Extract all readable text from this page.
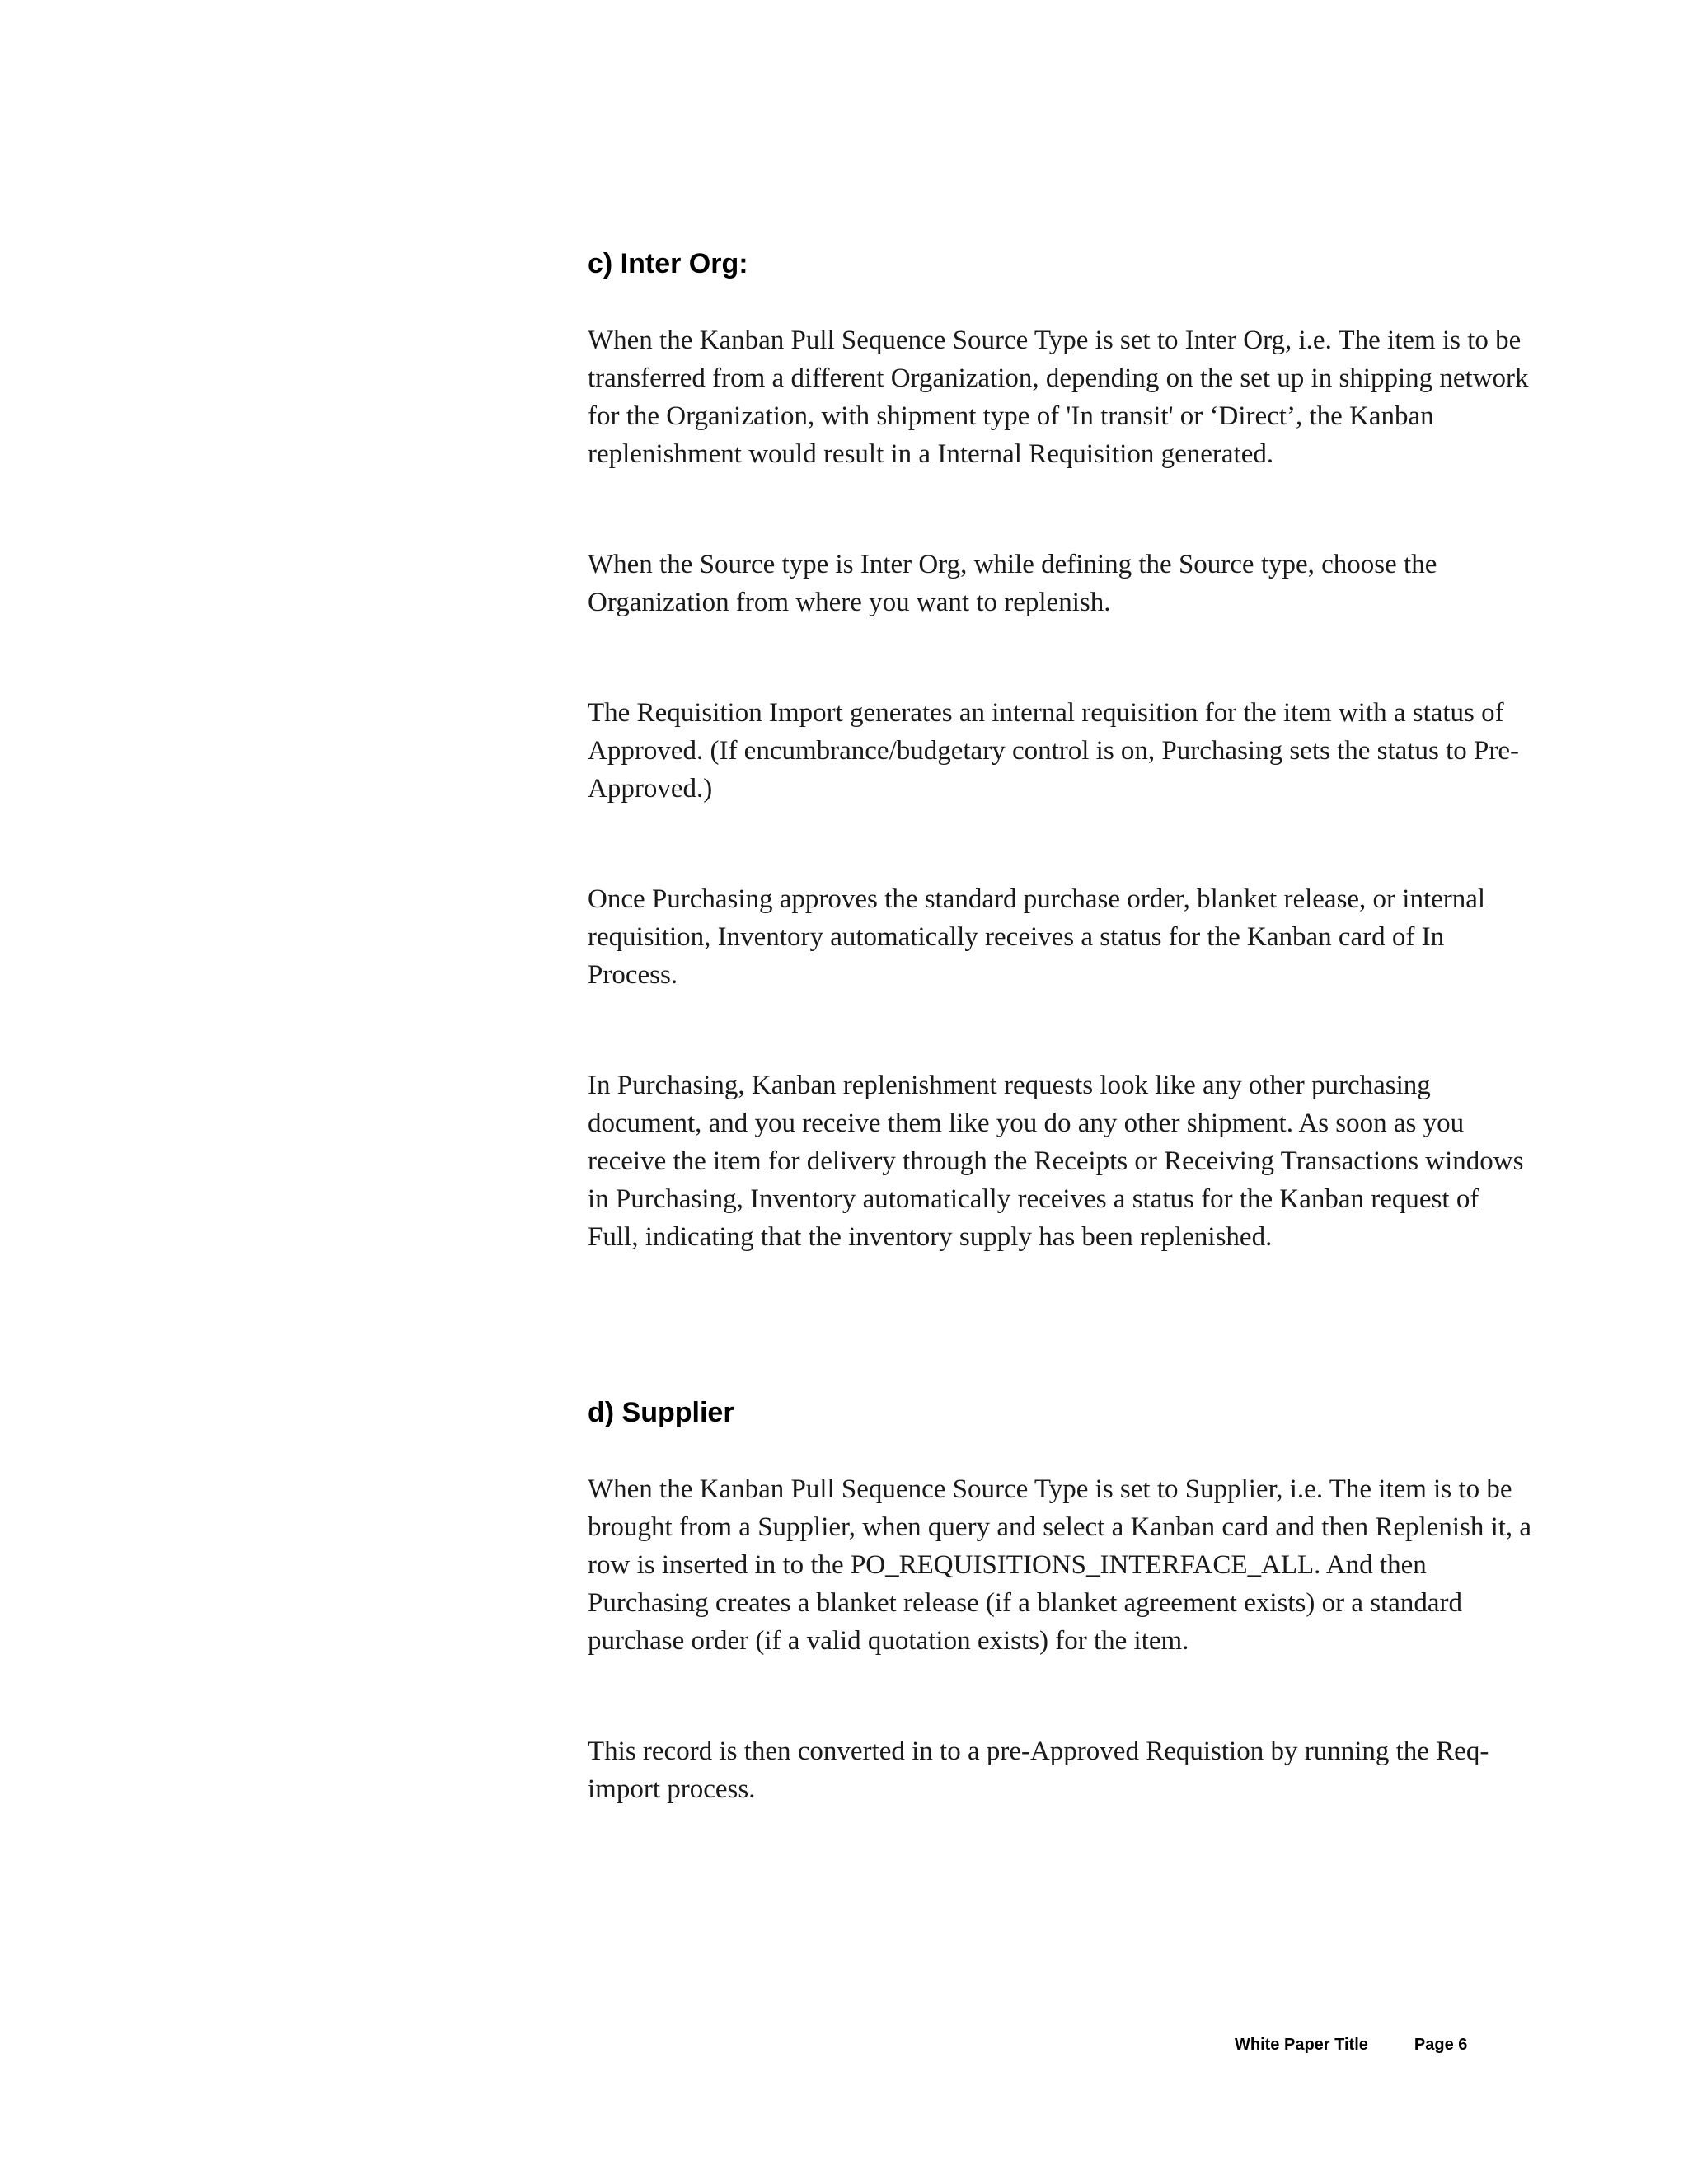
c) Inter Org:

When the Kanban Pull Sequence Source Type is set to Inter Org, i.e. The item is to be transferred from a different Organization, depending on the set up in shipping network for the Organization, with shipment type of 'In transit' or ‘Direct’, the Kanban replenishment would result in a Internal Requisition generated.

When the Source type is Inter Org, while defining the Source type, choose the Organization from where you want to replenish.

The Requisition Import generates an internal requisition for the item with a status of Approved. (If encumbrance/budgetary control is on, Purchasing sets the status to Pre-Approved.)

Once Purchasing approves the standard purchase order, blanket release, or internal requisition, Inventory automatically receives a status for the Kanban card of In Process.

In Purchasing, Kanban replenishment requests look like any other purchasing document, and you receive them like you do any other shipment. As soon as you receive the item for delivery through the Receipts or Receiving Transactions windows in Purchasing, Inventory automatically receives a status for the Kanban request of Full, indicating that the inventory supply has been replenished.

d) Supplier

When the Kanban Pull Sequence Source Type is set to Supplier, i.e. The item is to be brought from a Supplier, when query and select a Kanban card and then Replenish it, a row is inserted in to the PO_REQUISITIONS_INTERFACE_ALL. And then Purchasing creates a blanket release (if a blanket agreement exists) or a standard purchase order (if a valid quotation exists) for the item.

This record is then converted in to a pre-Approved Requistion by running the Req-import process.

White Paper Title	Page 6
